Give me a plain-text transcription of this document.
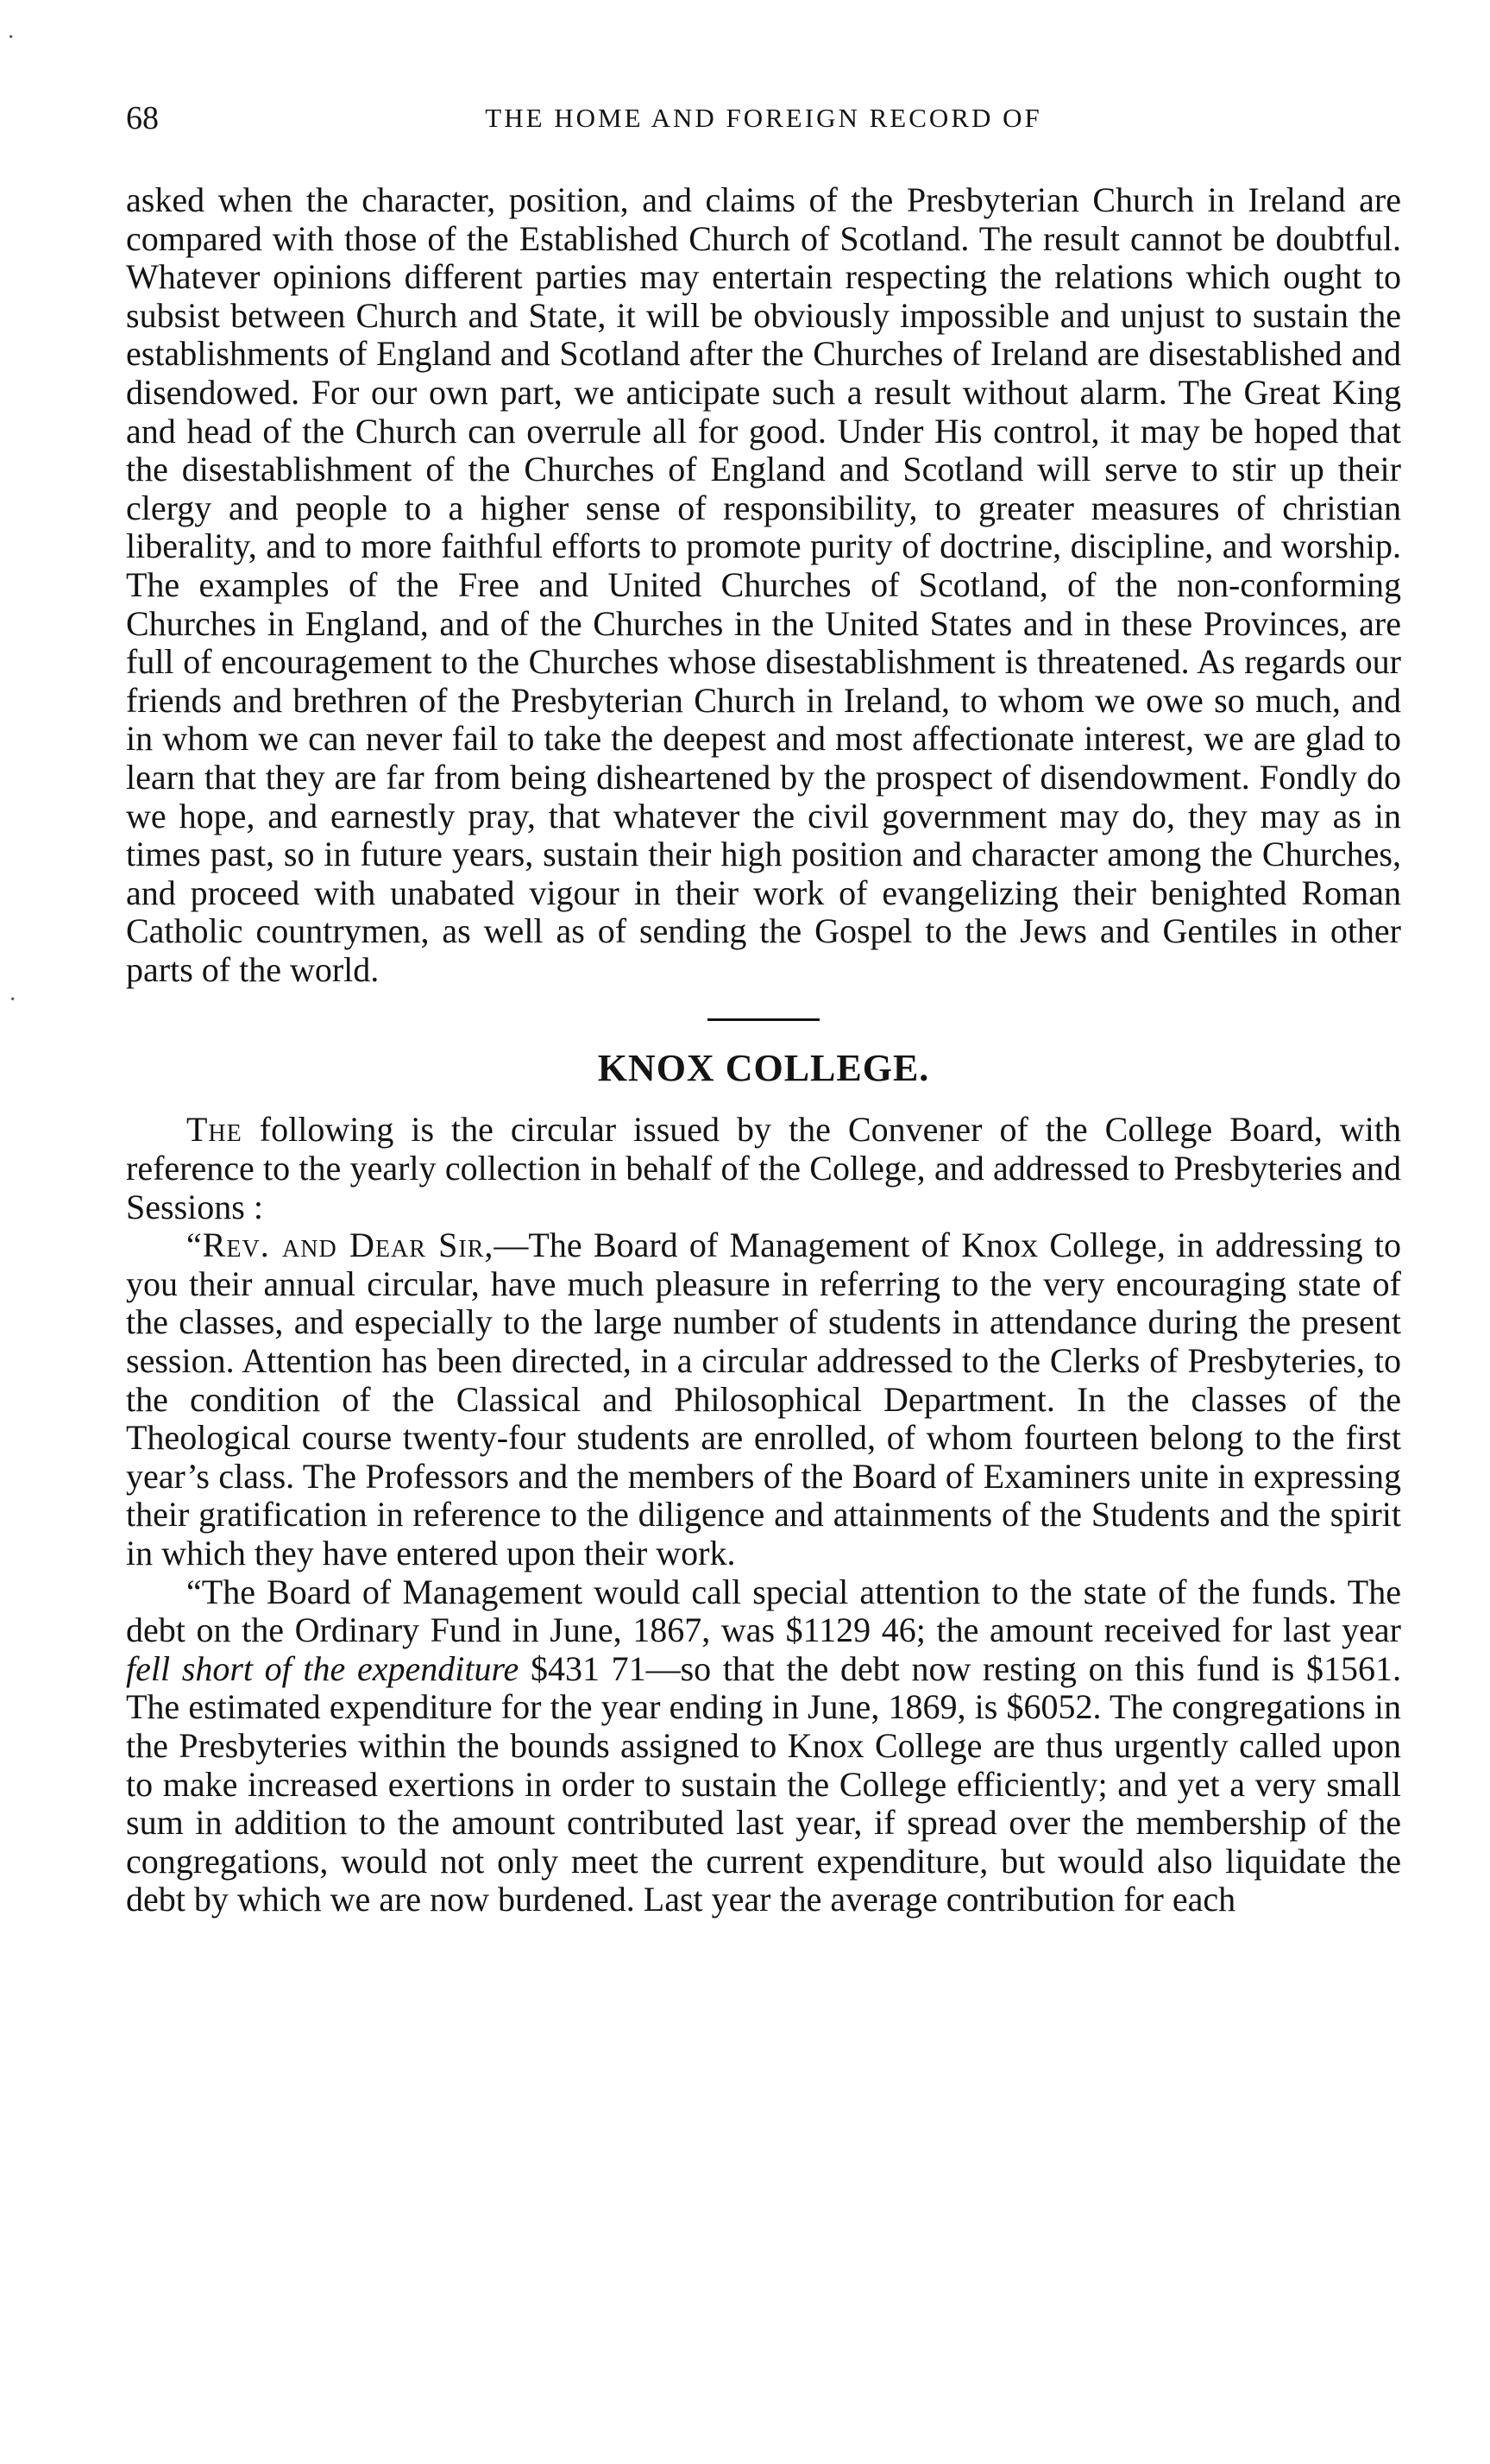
·
·
68	THE HOME AND FOREIGN RECORD OF

asked when the character, position, and claims of the Presbyterian Church in Ireland are compared with those of the Established Church of Scotland. The result cannot be doubtful. Whatever opinions different parties may entertain respecting the relations which ought to subsist between Church and State, it will be obviously impossible and unjust to sustain the establishments of England and Scotland after the Churches of Ireland are disestablished and disendowed. For our own part, we anticipate such a result without alarm. The Great King and head of the Church can overrule all for good. Under His control, it may be hoped that the disestablishment of the Churches of England and Scotland will serve to stir up their clergy and people to a higher sense of responsibility, to greater measures of christian liberality, and to more faithful efforts to promote purity of doctrine, discipline, and worship. The examples of the Free and United Churches of Scotland, of the non-conforming Churches in England, and of the Churches in the United States and in these Provinces, are full of encouragement to the Churches whose disestablishment is threatened. As regards our friends and brethren of the Presbyterian Church in Ireland, to whom we owe so much, and in whom we can never fail to take the deepest and most affectionate interest, we are glad to learn that they are far from being disheartened by the prospect of disendowment. Fondly do we hope, and earnestly pray, that whatever the civil government may do, they may as in times past, so in future years, sustain their high position and character among the Churches, and proceed with unabated vigour in their work of evangelizing their benighted Roman Catholic countrymen, as well as of sending the Gospel to the Jews and Gentiles in other parts of the world.

KNOX COLLEGE.

The following is the circular issued by the Convener of the College Board, with reference to the yearly collection in behalf of the College, and addressed to Presbyteries and Sessions :

“Rev. and Dear Sir,—The Board of Management of Knox College, in addressing to you their annual circular, have much pleasure in referring to the very encouraging state of the classes, and especially to the large number of students in attendance during the present session. Attention has been directed, in a circular addressed to the Clerks of Presbyteries, to the condition of the Classical and Philosophical Department. In the classes of the Theological course twenty-four students are enrolled, of whom fourteen belong to the first year’s class. The Professors and the members of the Board of Examiners unite in expressing their gratification in reference to the diligence and attainments of the Students and the spirit in which they have entered upon their work.

“The Board of Management would call special attention to the state of the funds. The debt on the Ordinary Fund in June, 1867, was $1129 46; the amount received for last year fell short of the expenditure $431 71—so that the debt now resting on this fund is $1561. The estimated expenditure for the year ending in June, 1869, is $6052. The congregations in the Presbyteries within the bounds assigned to Knox College are thus urgently called upon to make increased exertions in order to sustain the College efficiently; and yet a very small sum in addition to the amount contributed last year, if spread over the membership of the congregations, would not only meet the current expenditure, but would also liquidate the debt by which we are now burdened. Last year the average contribution for each
